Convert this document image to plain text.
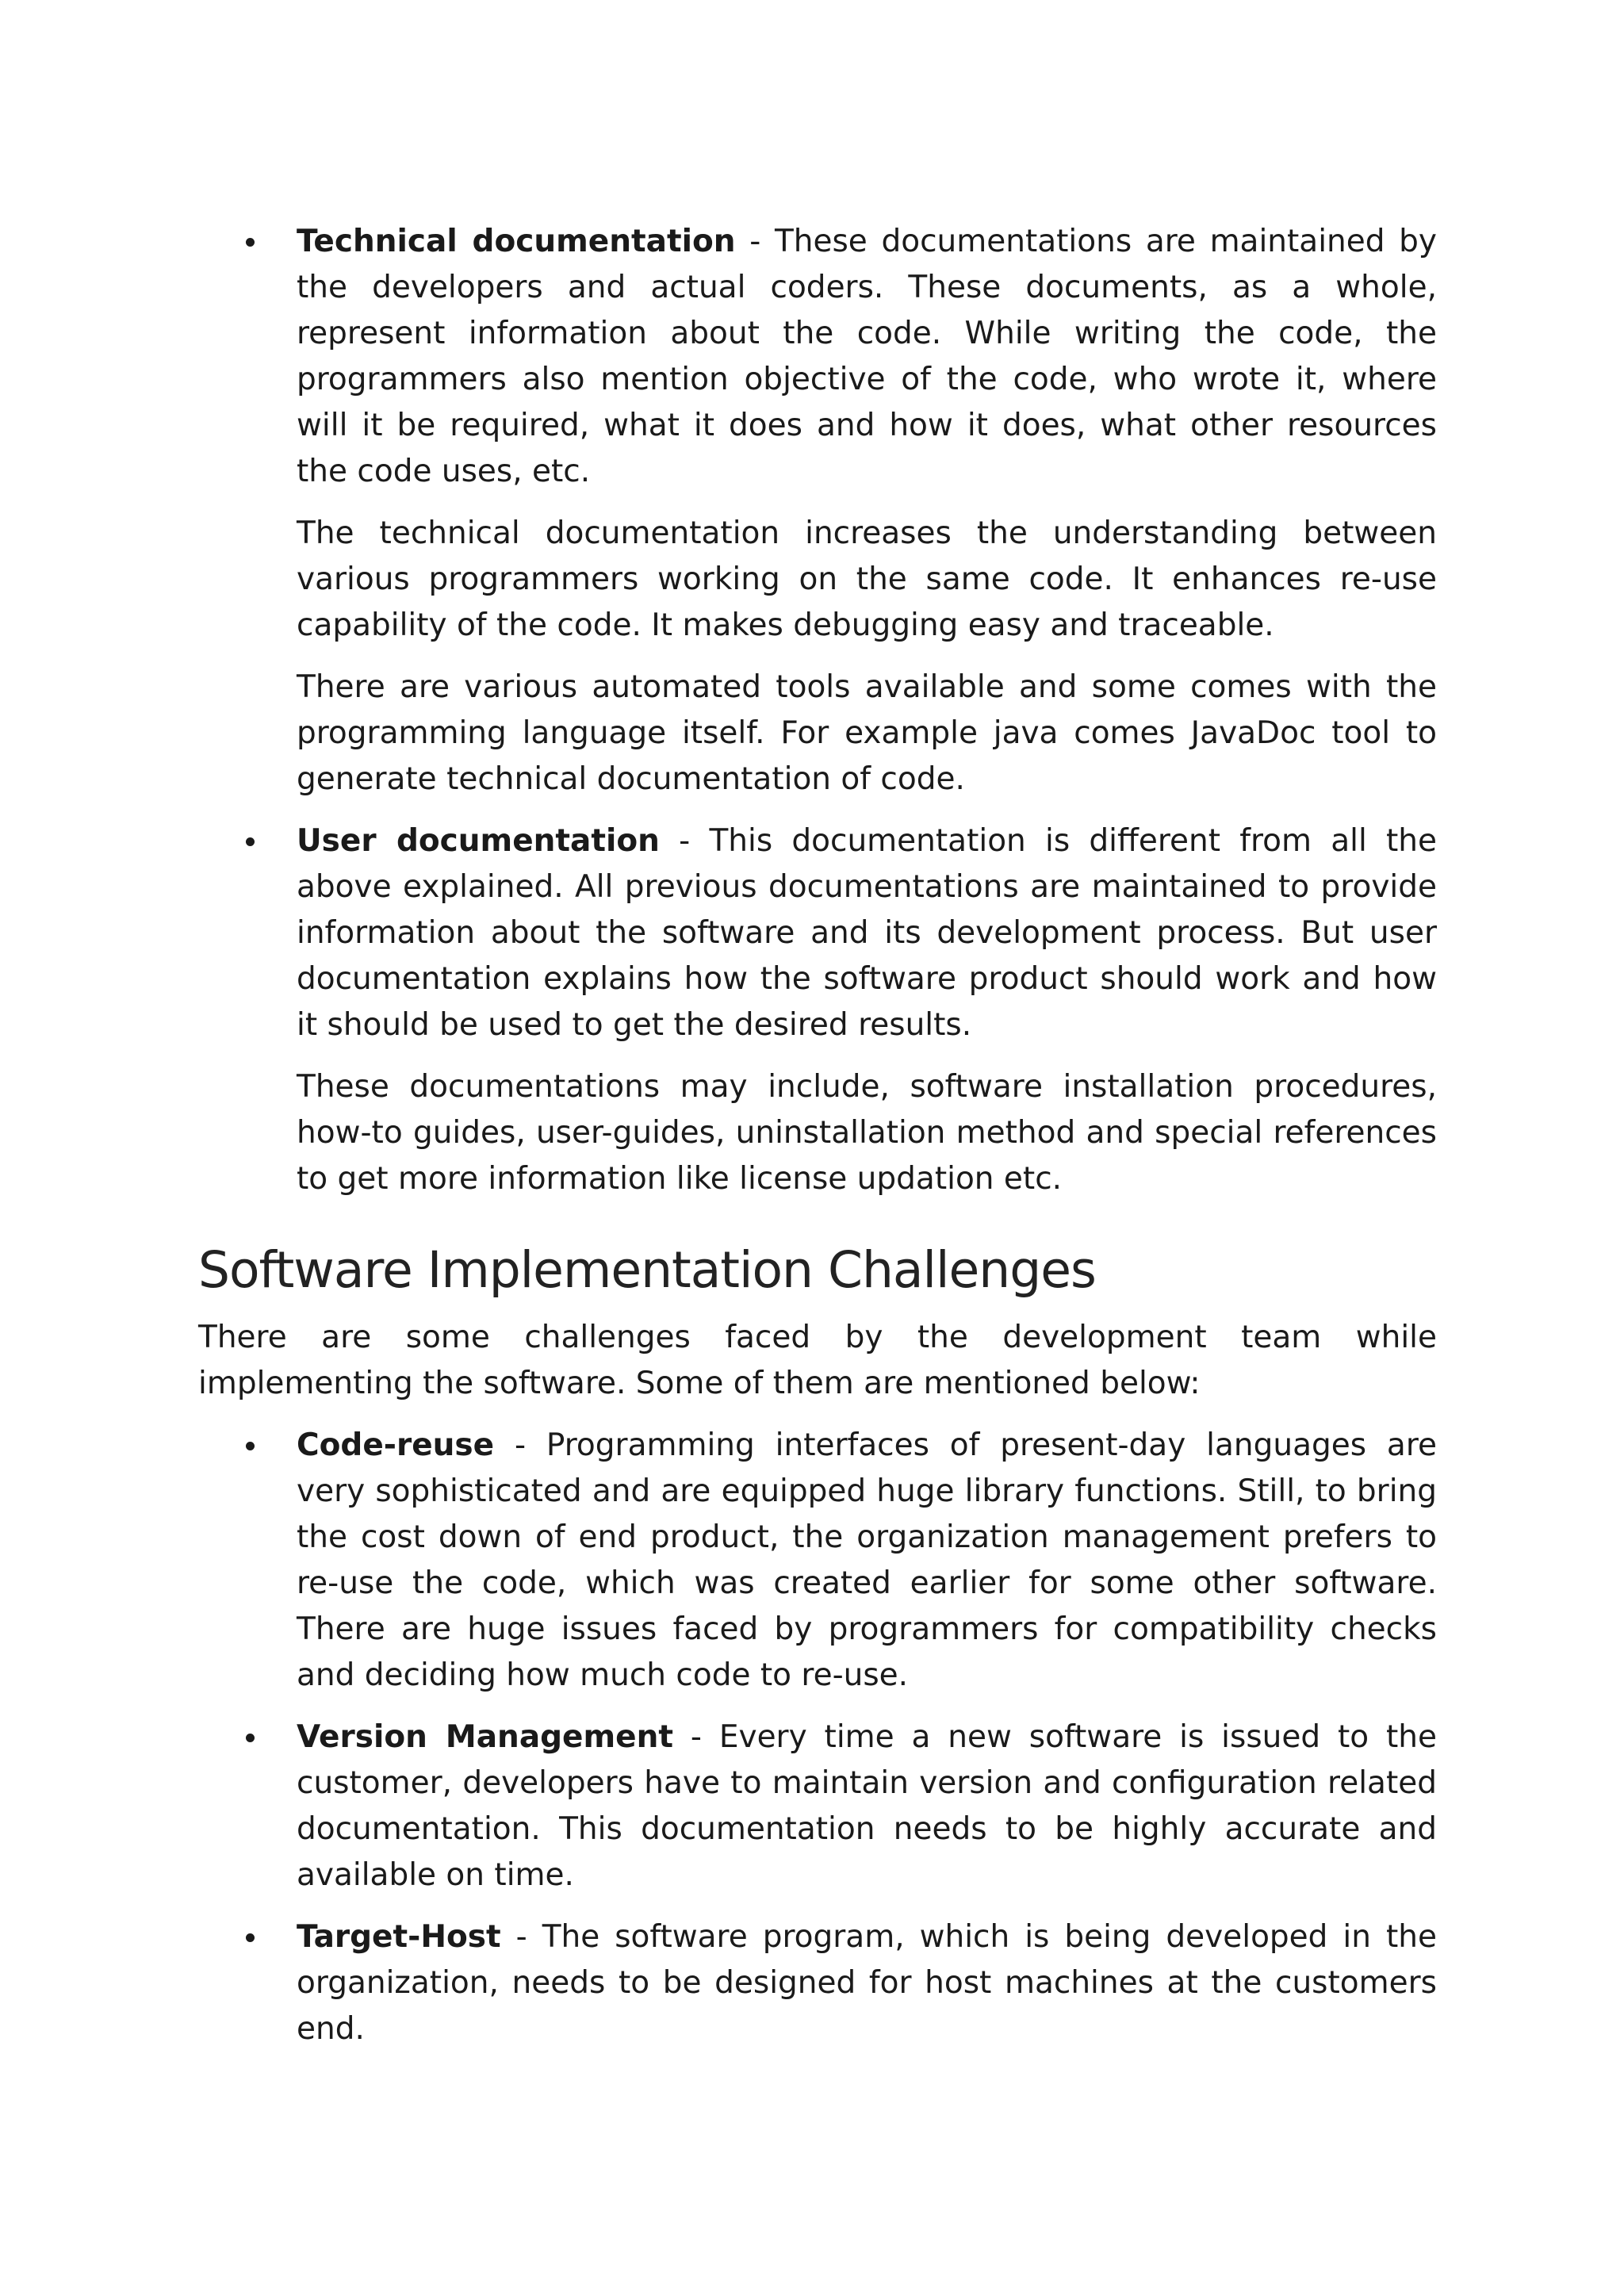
Technical documentation - These documentations are maintained by the developers and actual coders. These documents, as a whole, represent information about the code. While writing the code, the programmers also mention objective of the code, who wrote it, where will it be required, what it does and how it does, what other resources the code uses, etc.

The technical documentation increases the understanding between various programmers working on the same code. It enhances re-use capability of the code. It makes debugging easy and traceable.

There are various automated tools available and some comes with the programming language itself. For example java comes JavaDoc tool to generate technical documentation of code.

User documentation - This documentation is different from all the above explained. All previous documentations are maintained to provide information about the software and its development process. But user documentation explains how the software product should work and how it should be used to get the desired results.

These documentations may include, software installation procedures, how-to guides, user-guides, uninstallation method and special references to get more information like license updation etc.

Software Implementation Challenges

There are some challenges faced by the development team while implementing the software. Some of them are mentioned below:

Code-reuse - Programming interfaces of present-day languages are very sophisticated and are equipped huge library functions. Still, to bring the cost down of end product, the organization management prefers to re-use the code, which was created earlier for some other software. There are huge issues faced by programmers for compatibility checks and deciding how much code to re-use.

Version Management - Every time a new software is issued to the customer, developers have to maintain version and configuration related documentation. This documentation needs to be highly accurate and available on time.

Target-Host - The software program, which is being developed in the organization, needs to be designed for host machines at the customers end.
